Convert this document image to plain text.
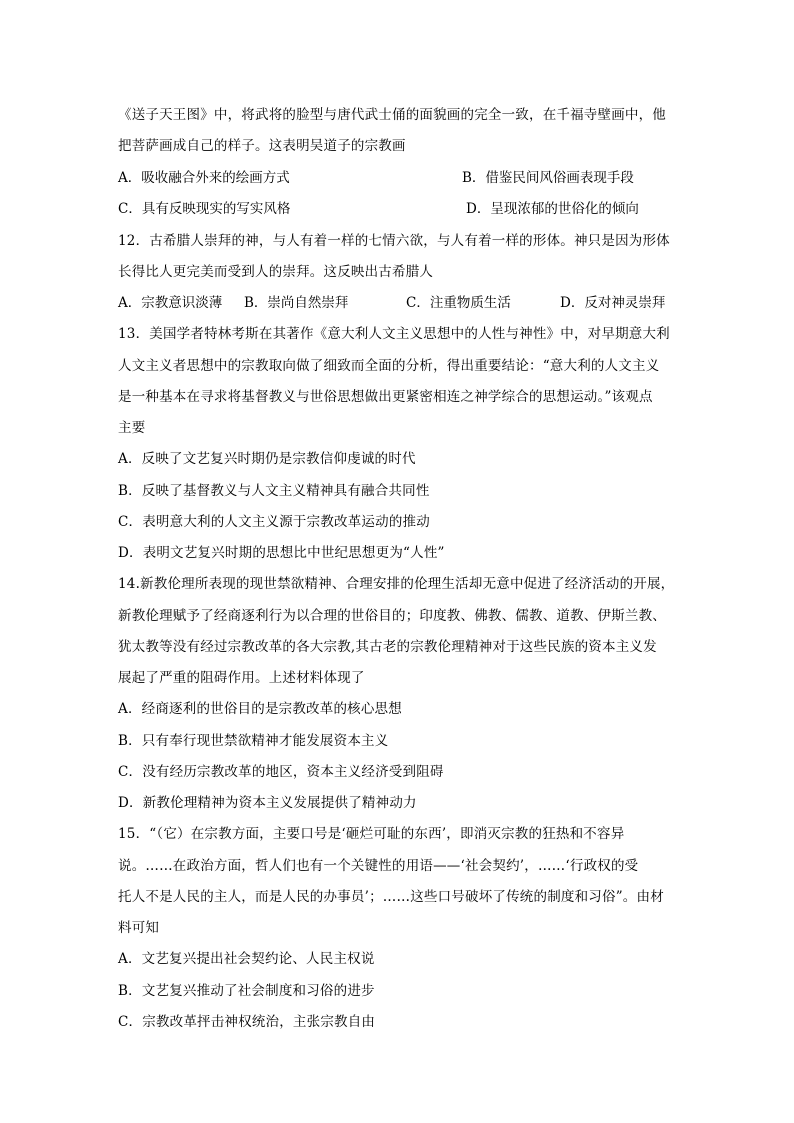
《送子天王图》中，将武将的脸型与唐代武士俑的面貌画的完全一致，在千福寺壁画中，他
把菩萨画成自己的样子。这表明吴道子的宗教画
A．吸收融合外来的绘画方式	B．借鉴民间风俗画表现手段
C．具有反映现实的写实风格	D．呈现浓郁的世俗化的倾向
12．古希腊人崇拜的神，与人有着一样的七情六欲，与人有着一样的形体。神只是因为形体
长得比人更完美而受到人的崇拜。这反映出古希腊人
A．宗教意识淡薄 B．崇尚自然崇拜	C．注重物质生活	D．反对神灵崇拜
13．美国学者特林考斯在其著作《意大利人文主义思想中的人性与神性》中，对早期意大利
人文主义者思想中的宗教取向做了细致而全面的分析，得出重要结论：“意大利的人文主义
是一种基本在寻求将基督教义与世俗思想做出更紧密相连之神学综合的思想运动。”该观点
主要
A．反映了文艺复兴时期仍是宗教信仰虔诚的时代
B．反映了基督教义与人文主义精神具有融合共同性
C．表明意大利的人文主义源于宗教改革运动的推动
D．表明文艺复兴时期的思想比中世纪思想更为“人性”
14.新教伦理所表现的现世禁欲精神、合理安排的伦理生活却无意中促进了经济活动的开展，
新教伦理赋予了经商逐利行为以合理的世俗目的；印度教、佛教、儒教、道教、伊斯兰教、
犹太教等没有经过宗教改革的各大宗教,其古老的宗教伦理精神对于这些民族的资本主义发
展起了严重的阻碍作用。上述材料体现了
A．经商逐利的世俗目的是宗教改革的核心思想
B．只有奉行现世禁欲精神才能发展资本主义
C．没有经历宗教改革的地区，资本主义经济受到阻碍
D．新教伦理精神为资本主义发展提供了精神动力
15．“（它）在宗教方面，主要口号是‘砸烂可耻的东西’，即消灭宗教的狂热和不容异
说。……在政治方面，哲人们也有一个关键性的用语——‘社会契约’，……‘行政权的受
托人不是人民的主人，而是人民的办事员’；……这些口号破坏了传统的制度和习俗”。由材
料可知
A．文艺复兴提出社会契约论、人民主权说
B．文艺复兴推动了社会制度和习俗的进步
C．宗教改革抨击神权统治，主张宗教自由
